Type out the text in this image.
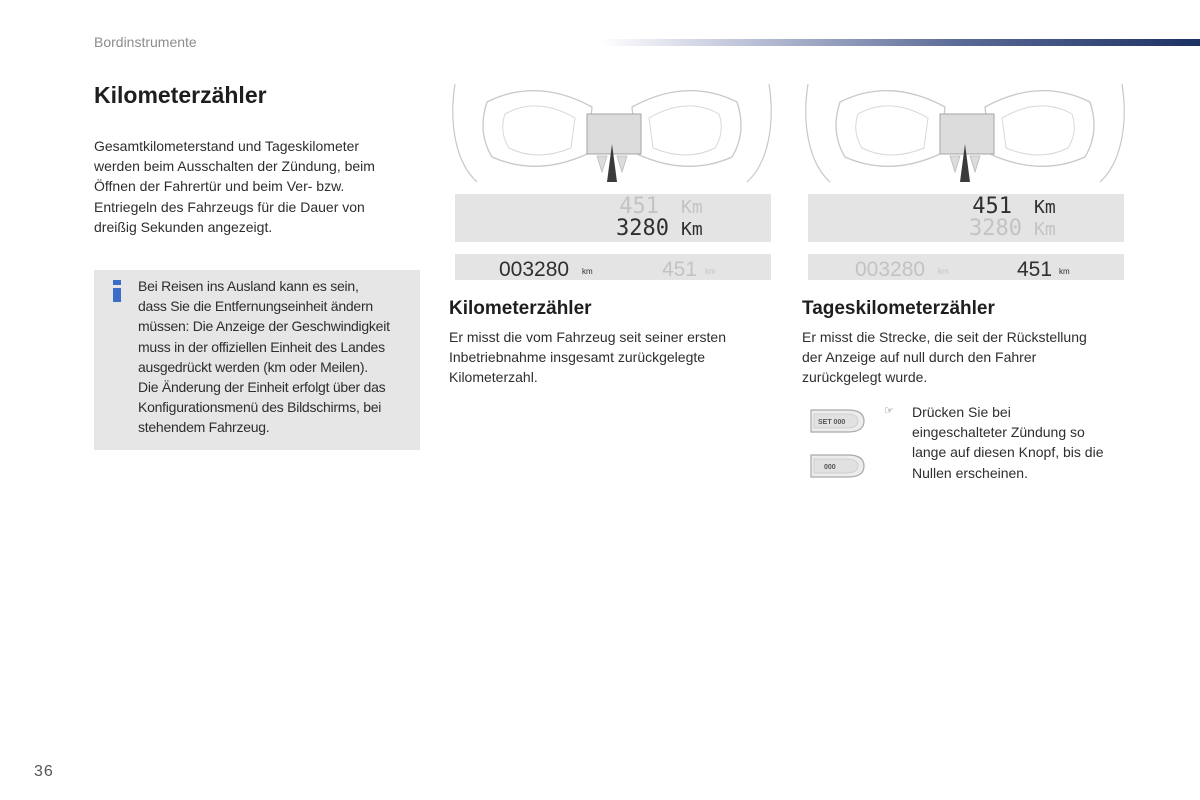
Bordinstrumente
Kilometerzähler
Gesamtkilometerstand und Tageskilometer
werden beim Ausschalten der Zündung, beim
Öffnen der Fahrertür und beim Ver- bzw.
Entriegeln des Fahrzeugs für die Dauer von
dreißig Sekunden angezeigt.
Bei Reisen ins Ausland kann es sein,
dass Sie die Entfernungseinheit ändern
müssen: Die Anzeige der Geschwindigkeit
muss in der offiziellen Einheit des Landes
ausgedrückt werden (km oder Meilen).
Die Änderung der Einheit erfolgt über das
Konfigurationsmenü des Bildschirms, bei
stehendem Fahrzeug.
451 Km
3280 Km
003280 km	451 km
451 Km
3280 Km
003280 km	451 km
Kilometerzähler
Er misst die vom Fahrzeug seit seiner ersten
Inbetriebnahme insgesamt zurückgelegte
Kilometerzahl.
Tageskilometerzähler
Er misst die Strecke, die seit der Rückstellung
der Anzeige auf null durch den Fahrer
zurückgelegt wurde.
SET 000
000
☞ Drücken Sie bei
eingeschalteter Zündung so
lange auf diesen Knopf, bis die
Nullen erscheinen.
36
